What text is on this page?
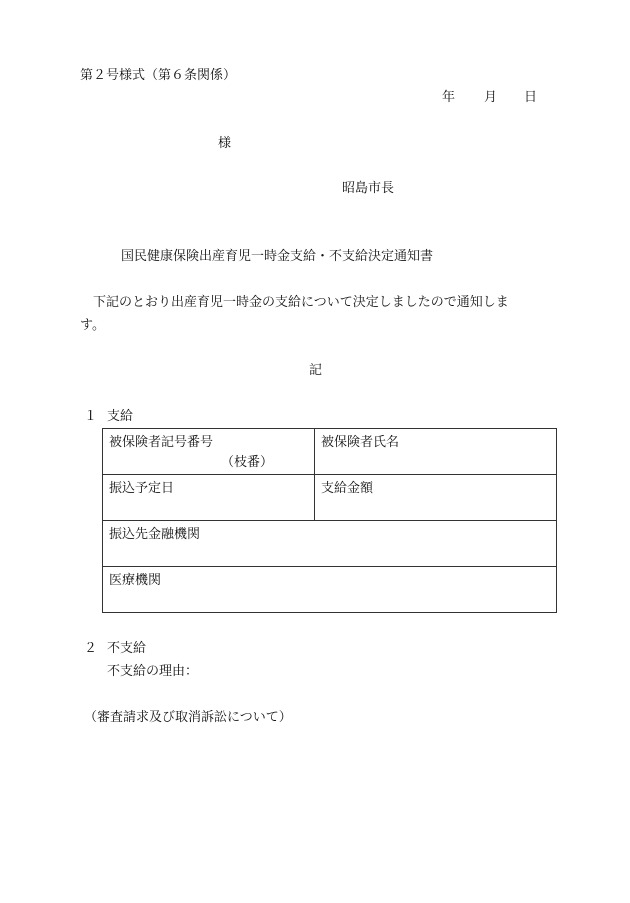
第２号様式（第６条関係）
年 月 日
様
昭島市長
国民健康保険出産育児一時金支給・不支給決定通知書
下記のとおり出産育児一時金の支給について決定しましたので通知しま
す。
記
１ 支給
被保険者記号番号
（枝番）	被保険者氏名

振込予定日	支給金額

振込先金融機関	

医療機関	
２ 不支給
不支給の理由：
（審査請求及び取消訴訟について）
